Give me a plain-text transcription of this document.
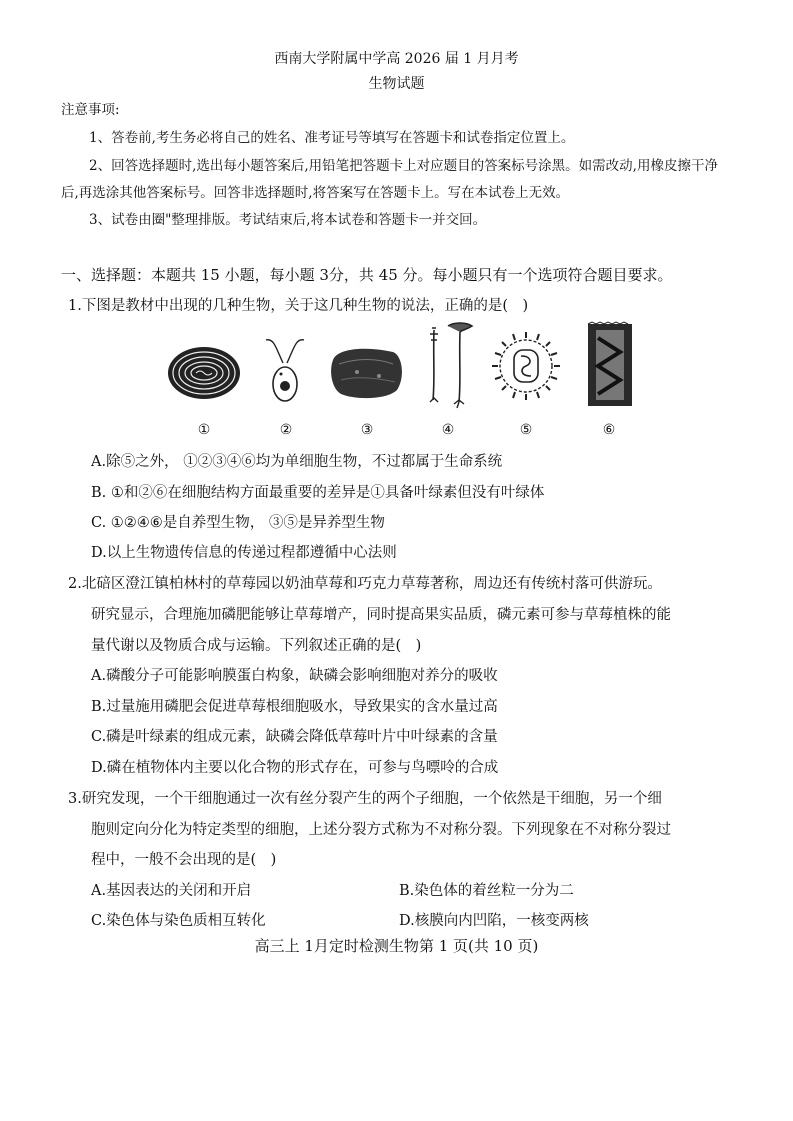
西南大学附属中学高 2026 届 1 月月考
生物试题
注意事项:
1、答卷前,考生务必将自己的姓名、准考证号等填写在答题卡和试卷指定位置上。
2、回答选择题时,选出每小题答案后,用铅笔把答题卡上对应题目的答案标号涂黑。如需改动,用橡皮擦干净
后,再选涂其他答案标号。回答非选择题时,将答案写在答题卡上。写在本试卷上无效。
3、试卷由圈"整理排版。考试结束后,将本试卷和答题卡一并交回。
一、选择题：本题共 15 小题，每小题 3分，共 45 分。每小题只有一个选项符合题目要求。
1.下图是教材中出现的几种生物，关于这几种生物的说法，正确的是(　)
①	②	③	④	⑤	⑥
A.除⑤之外， ①②③④⑥均为单细胞生物，不过都属于生命系统
B. ①和②⑥在细胞结构方面最重要的差异是①具备叶绿素但没有叶绿体
C. ①②④⑥是自养型生物， ③⑤是异养型生物
D.以上生物遗传信息的传递过程都遵循中心法则
2.北碚区澄江镇柏林村的草莓园以奶油草莓和巧克力草莓著称，周边还有传统村落可供游玩。
研究显示，合理施加磷肥能够让草莓增产，同时提高果实品质，磷元素可参与草莓植株的能
量代谢以及物质合成与运输。下列叙述正确的是(　)
A.磷酸分子可能影响膜蛋白构象，缺磷会影响细胞对养分的吸收
B.过量施用磷肥会促进草莓根细胞吸水，导致果实的含水量过高
C.磷是叶绿素的组成元素，缺磷会降低草莓叶片中叶绿素的含量
D.磷在植物体内主要以化合物的形式存在，可参与鸟嘌呤的合成
3.研究发现，一个干细胞通过一次有丝分裂产生的两个子细胞，一个依然是干细胞，另一个细
胞则定向分化为特定类型的细胞，上述分裂方式称为不对称分裂。下列现象在不对称分裂过
程中，一般不会出现的是(　)
A.基因表达的关闭和开启	B.染色体的着丝粒一分为二
C.染色体与染色质相互转化	D.核膜向内凹陷，一核变两核
高三上 1月定时检测生物第 1 页(共 10 页)
